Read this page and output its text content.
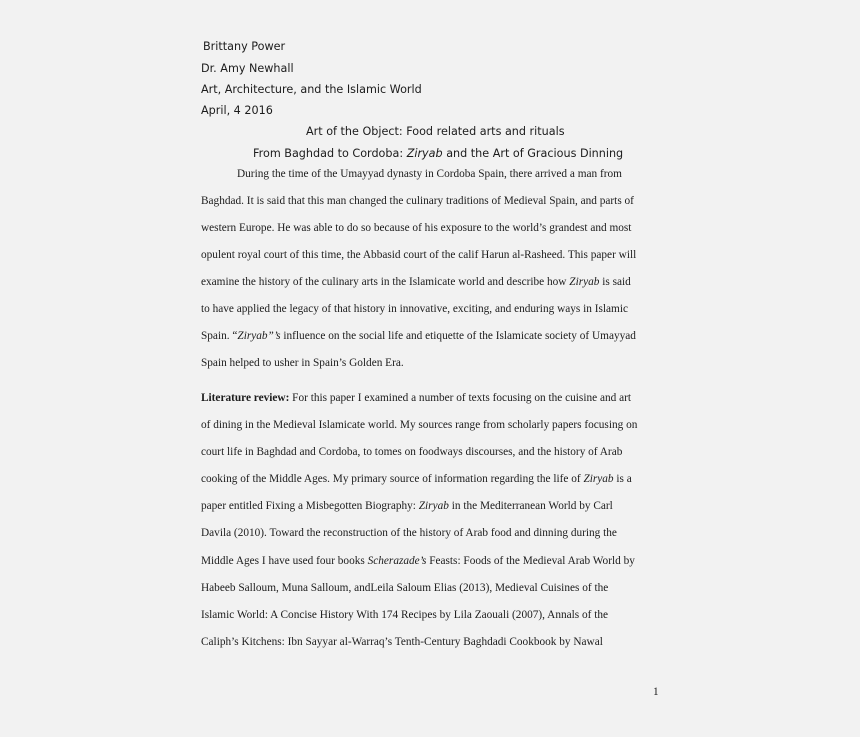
Brittany Power
Dr. Amy Newhall
Art, Architecture, and the Islamic World
April, 4 2016
Art of the Object: Food related arts and rituals
From Baghdad to Cordoba: Ziryab and the Art of Gracious Dinning
During the time of the Umayyad dynasty in Cordoba Spain, there arrived a man from
Baghdad. It is said that this man changed the culinary traditions of Medieval Spain, and parts of
western Europe. He was able to do so because of his exposure to the world’s grandest and most
opulent royal court of this time, the Abbasid court of the calif Harun al-Rasheed. This paper will
examine the history of the culinary arts in the Islamicate world and describe how Ziryab is said
to have applied the legacy of that history in innovative, exciting, and enduring ways in Islamic
Spain. “Ziryab”’s influence on the social life and etiquette of the Islamicate society of Umayyad
Spain helped to usher in Spain’s Golden Era.
Literature review: For this paper I examined a number of texts focusing on the cuisine and art
of dining in the Medieval Islamicate world. My sources range from scholarly papers focusing on
court life in Baghdad and Cordoba, to tomes on foodways discourses, and the history of Arab
cooking of the Middle Ages. My primary source of information regarding the life of Ziryab is a
paper entitled Fixing a Misbegotten Biography: Ziryab in the Mediterranean World by Carl
Davila (2010). Toward the reconstruction of the history of Arab food and dinning during the
Middle Ages I have used four books Scherazade’s Feasts: Foods of the Medieval Arab World by
Habeeb Salloum, Muna Salloum, andLeila Saloum Elias (2013), Medieval Cuisines of the
Islamic World: A Concise History With 174 Recipes by Lila Zaouali (2007), Annals of the
Caliph’s Kitchens: Ibn Sayyar al-Warraq’s Tenth-Century Baghdadi Cookbook by Nawal
1
